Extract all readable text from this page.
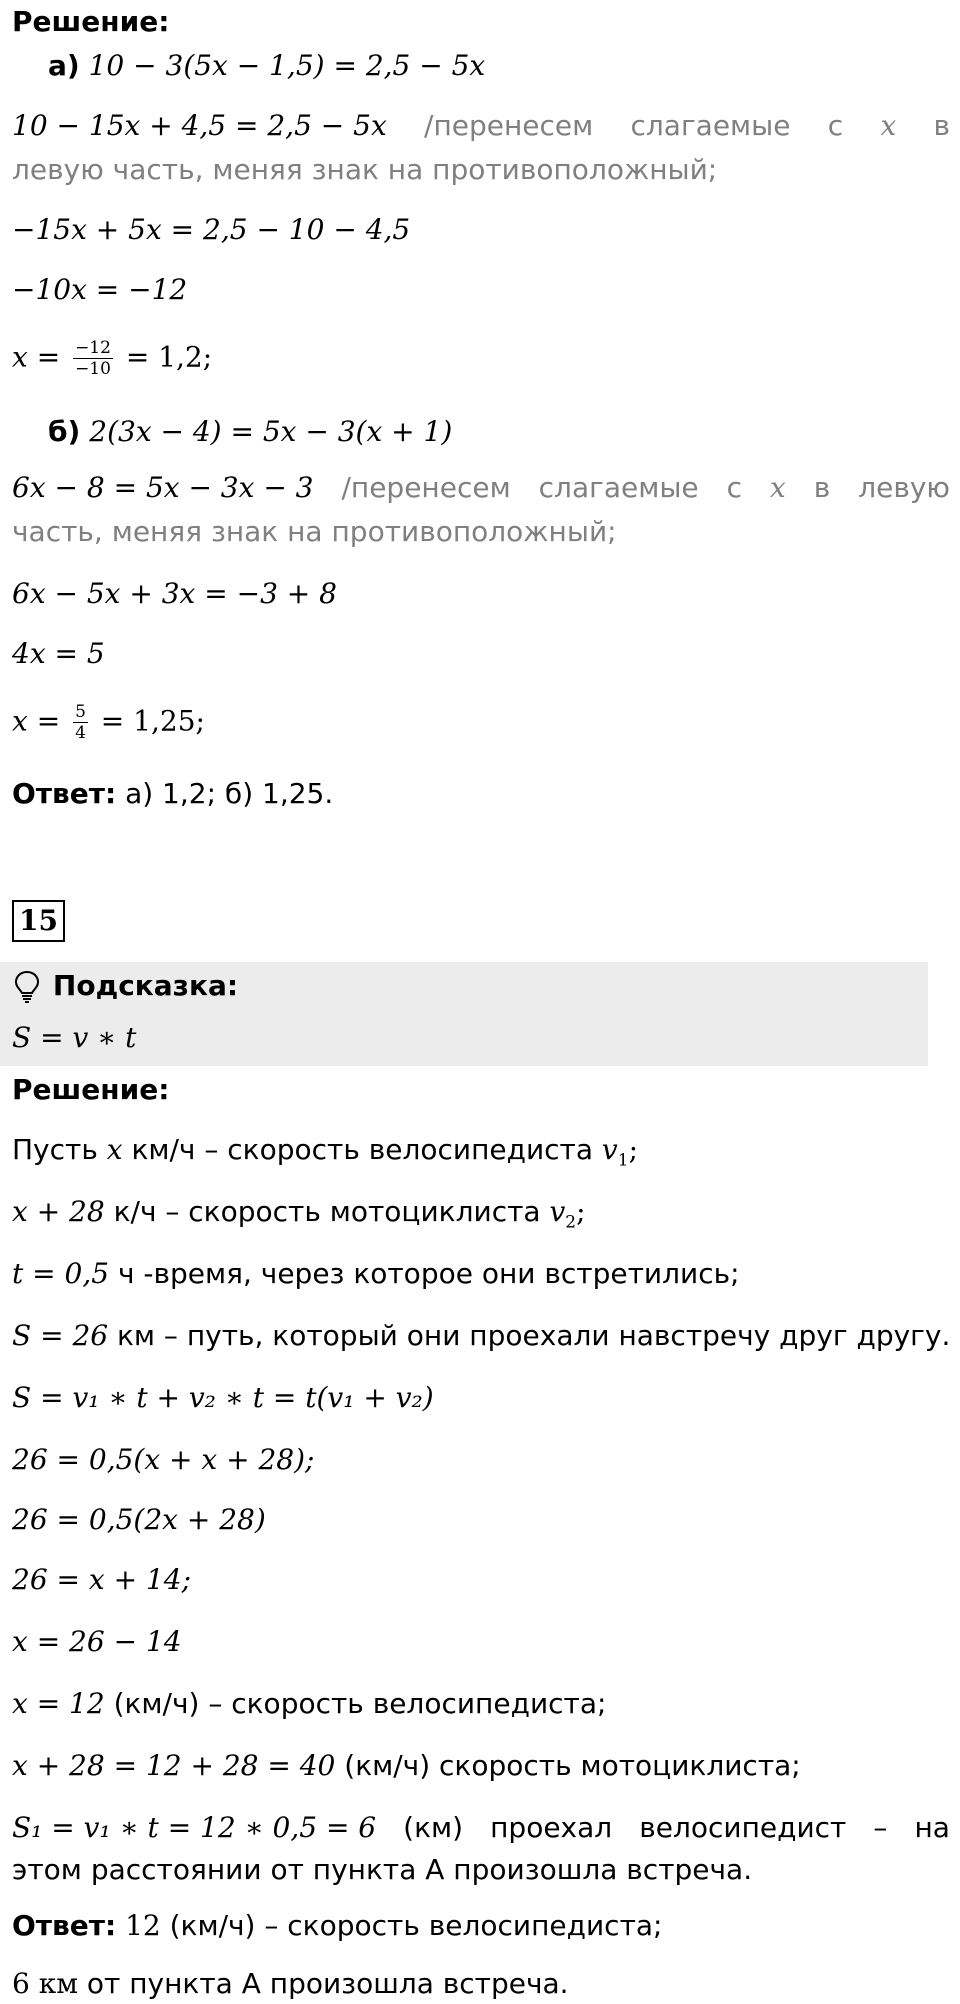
Решение:
а) 10 − 3(5x − 1,5) = 2,5 − 5x
10 − 15x + 4,5 = 2,5 − 5x /перенесем слагаемые с x в
левую часть, меняя знак на противоположный;
−15x + 5x = 2,5 − 10 − 4,5
−10x = −12
$x = \frac{-12}{-10} = 1,2$;
б) 2(3x − 4) = 5x − 3(x + 1)
6x − 8 = 5x − 3x − 3 /перенесем слагаемые с x в левую
часть, меняя знак на противоположный;
6x − 5x + 3x = −3 + 8
4x = 5
$x = \frac{5}{4} = 1,25$;
Ответ: а) 1,2; б) 1,25.
15
Подсказка:
S = v ∗ t
Решение:
Пусть x км/ч – скорость велосипедиста $v_1$;
x + 28 к/ч – скорость мотоциклиста $v_2$;
t = 0,5 ч -время, через которое они встретились;
S = 26 км – путь, который они проехали навстречу друг другу.
S = v₁ ∗ t + v₂ ∗ t = t(v₁ + v₂)
26 = 0,5(x + x + 28);
26 = 0,5(2x + 28)
26 = x + 14;
x = 26 − 14
x = 12 (км/ч) – скорость велосипедиста;
x + 28 = 12 + 28 = 40 (км/ч) скорость мотоциклиста;
S₁ = v₁ ∗ t = 12 ∗ 0,5 = 6 (км) проехал велосипедист – на
этом расстоянии от пункта А произошла встреча.
Ответ: 12 (км/ч) – скорость велосипедиста;
6 км от пункта А произошла встреча.
